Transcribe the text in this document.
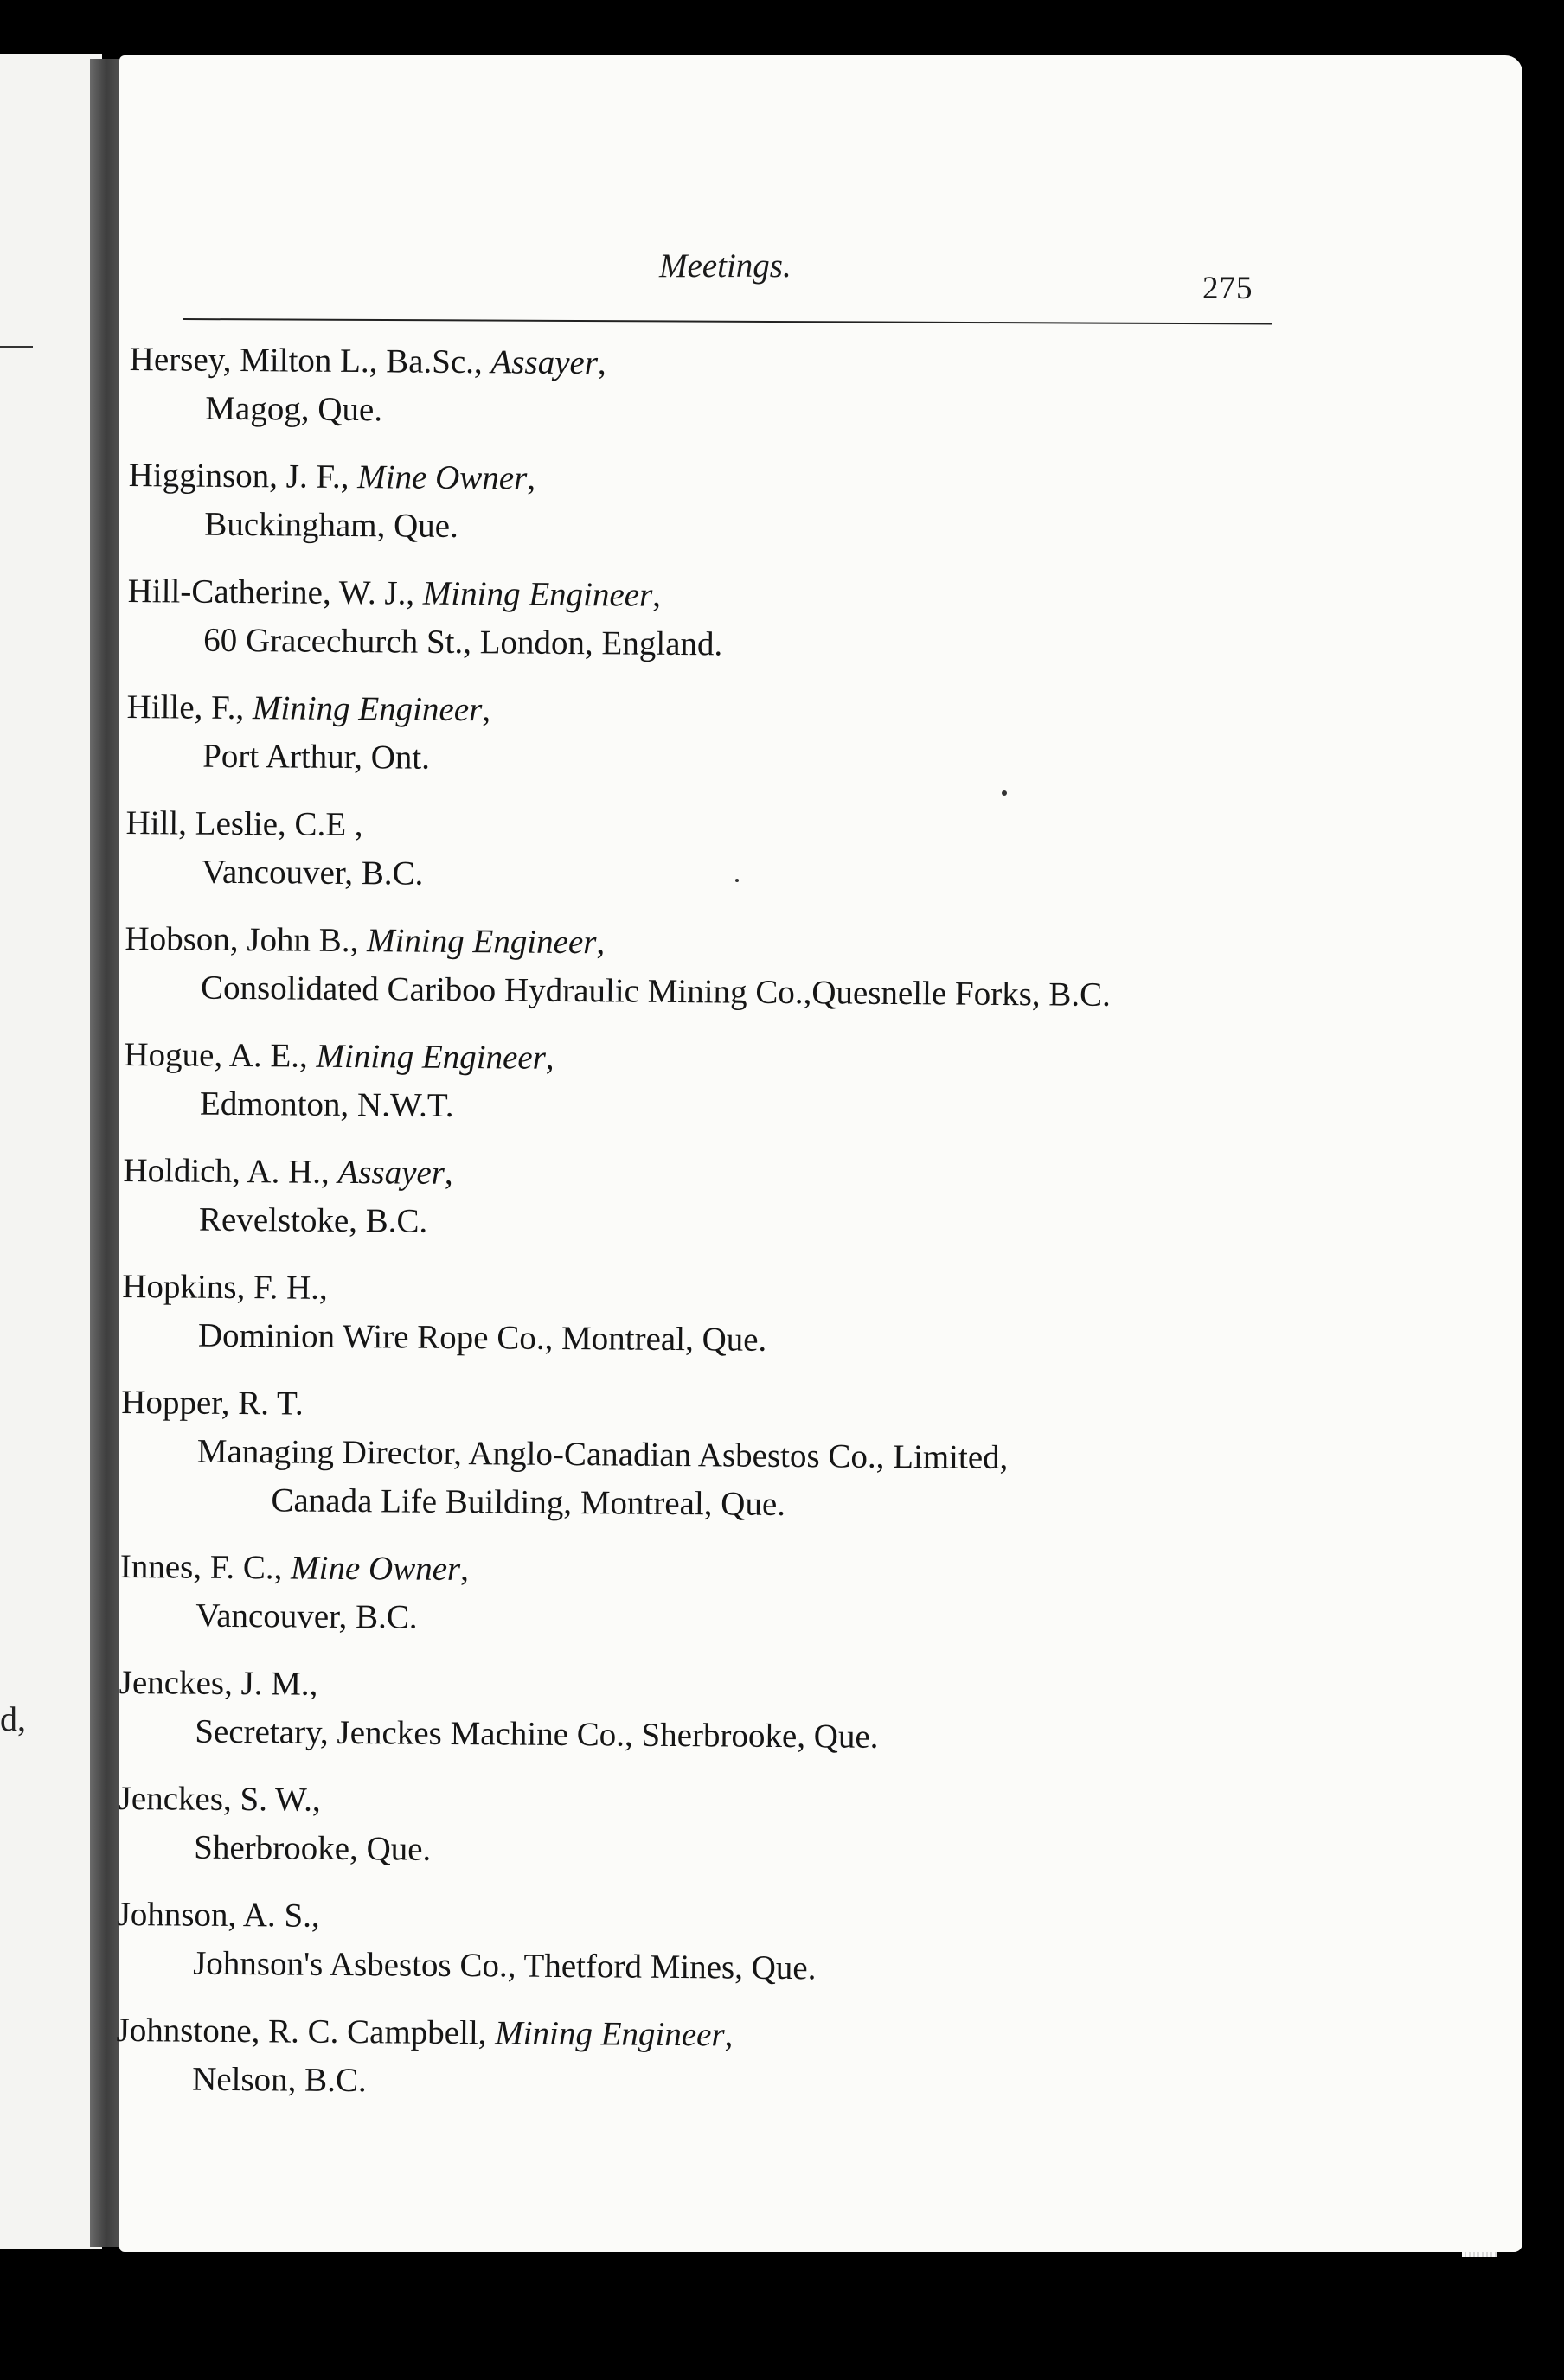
d,
Meetings.
275
Hersey, Milton L., Ba.Sc., Assayer,
Magog, Que.
Higginson, J. F., Mine Owner,
Buckingham, Que.
Hill-Catherine, W. J., Mining Engineer,
60 Gracechurch St., London, England.
Hille, F., Mining Engineer,
Port Arthur, Ont.
Hill, Leslie, C.E ,
Vancouver, B.C.
Hobson, John B., Mining Engineer,
Consolidated Cariboo Hydraulic Mining Co.,Quesnelle Forks, B.C.
Hogue, A. E., Mining Engineer,
Edmonton, N.W.T.
Holdich, A. H., Assayer,
Revelstoke, B.C.
Hopkins, F. H.,
Dominion Wire Rope Co., Montreal, Que.
Hopper, R. T.
Managing Director, Anglo-Canadian Asbestos Co., Limited,
Canada Life Building, Montreal, Que.
Innes, F. C., Mine Owner,
Vancouver, B.C.
Jenckes, J. M.,
Secretary, Jenckes Machine Co., Sherbrooke, Que.
Jenckes, S. W.,
Sherbrooke, Que.
Johnson, A. S.,
Johnson's Asbestos Co., Thetford Mines, Que.
Johnstone, R. C. Campbell, Mining Engineer,
Nelson, B.C.
